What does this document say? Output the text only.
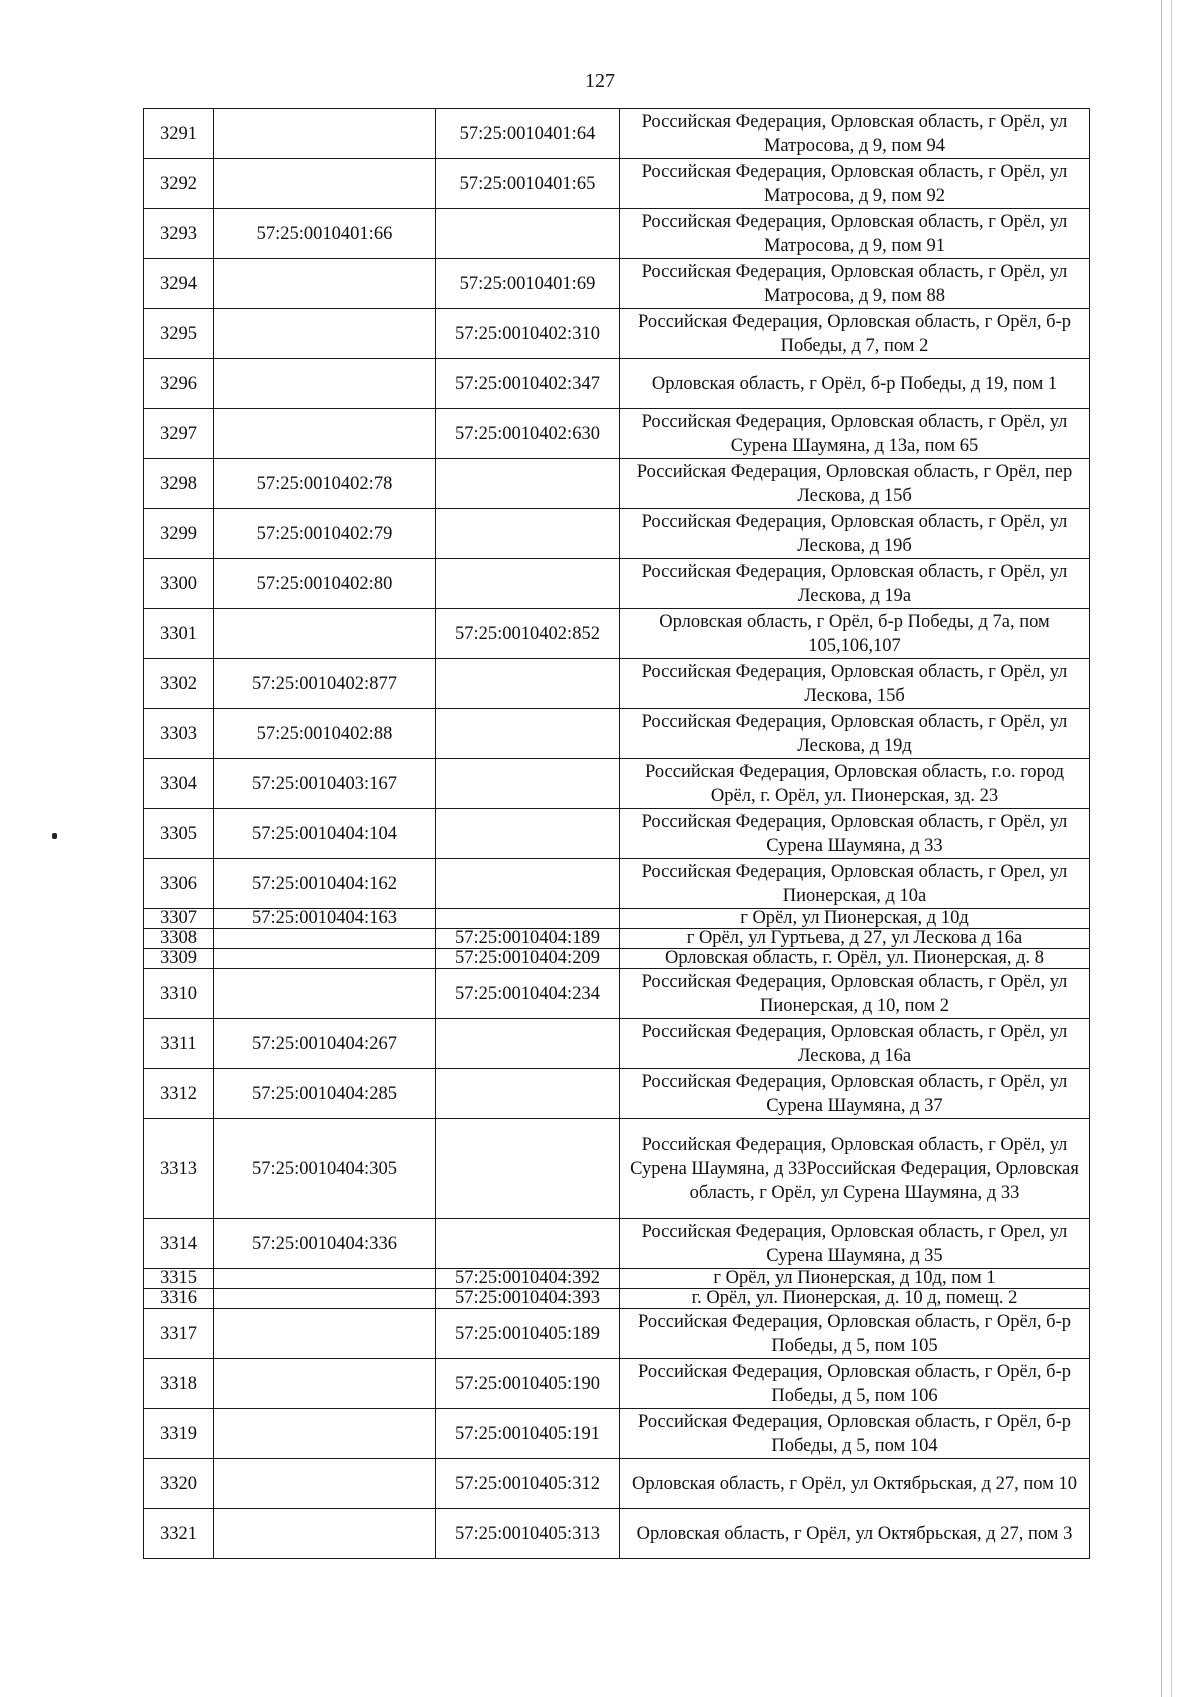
127
3291		57:25:0010401:64	Российская Федерация, Орловская область, г Орёл, ул Матросова, д 9, пом 94
3292		57:25:0010401:65	Российская Федерация, Орловская область, г Орёл, ул Матросова, д 9, пом 92
3293	57:25:0010401:66		Российская Федерация, Орловская область, г Орёл, ул Матросова, д 9, пом 91
3294		57:25:0010401:69	Российская Федерация, Орловская область, г Орёл, ул Матросова, д 9, пом 88
3295		57:25:0010402:310	Российская Федерация, Орловская область, г Орёл, б-р Победы, д 7, пом 2
3296		57:25:0010402:347	Орловская область, г Орёл, б-р Победы, д 19, пом 1
3297		57:25:0010402:630	Российская Федерация, Орловская область, г Орёл, ул Сурена Шаумяна, д 13а, пом 65
3298	57:25:0010402:78		Российская Федерация, Орловская область, г Орёл, пер Лескова, д 15б
3299	57:25:0010402:79		Российская Федерация, Орловская область, г Орёл, ул Лескова, д 19б
3300	57:25:0010402:80		Российская Федерация, Орловская область, г Орёл, ул Лескова, д 19а
3301		57:25:0010402:852	Орловская область, г Орёл, б-р Победы, д 7а, пом 105,106,107
3302	57:25:0010402:877		Российская Федерация, Орловская область, г Орёл, ул Лескова, 15б
3303	57:25:0010402:88		Российская Федерация, Орловская область, г Орёл, ул Лескова, д 19д
3304	57:25:0010403:167		Российская Федерация, Орловская область, г.о. город Орёл, г. Орёл, ул. Пионерская, зд. 23
3305	57:25:0010404:104		Российская Федерация, Орловская область, г Орёл, ул Сурена Шаумяна, д 33
3306	57:25:0010404:162		Российская Федерация, Орловская область, г Орел, ул Пионерская, д 10а
3307	57:25:0010404:163		г Орёл, ул Пионерская, д 10д
3308		57:25:0010404:189	г Орёл, ул Гуртьева, д 27, ул Лескова д 16а
3309		57:25:0010404:209	Орловская область, г. Орёл, ул. Пионерская, д. 8
3310		57:25:0010404:234	Российская Федерация, Орловская область, г Орёл, ул Пионерская, д 10, пом 2
3311	57:25:0010404:267		Российская Федерация, Орловская область, г Орёл, ул Лескова, д 16а
3312	57:25:0010404:285		Российская Федерация, Орловская область, г Орёл, ул Сурена Шаумяна, д 37
3313	57:25:0010404:305		Российская Федерация, Орловская область, г Орёл, ул Сурена Шаумяна, д 33Российская Федерация, Орловская область, г Орёл, ул Сурена Шаумяна, д 33
3314	57:25:0010404:336		Российская Федерация, Орловская область, г Орел, ул Сурена Шаумяна, д 35
3315		57:25:0010404:392	г Орёл, ул Пионерская, д 10д, пом 1
3316		57:25:0010404:393	г. Орёл, ул. Пионерская, д. 10 д, помещ. 2
3317		57:25:0010405:189	Российская Федерация, Орловская область, г Орёл, б-р Победы, д 5, пом 105
3318		57:25:0010405:190	Российская Федерация, Орловская область, г Орёл, б-р Победы, д 5, пом 106
3319		57:25:0010405:191	Российская Федерация, Орловская область, г Орёл, б-р Победы, д 5, пом 104
3320		57:25:0010405:312	Орловская область, г Орёл, ул Октябрьская, д 27, пом 10
3321		57:25:0010405:313	Орловская область, г Орёл, ул Октябрьская, д 27, пом 3
